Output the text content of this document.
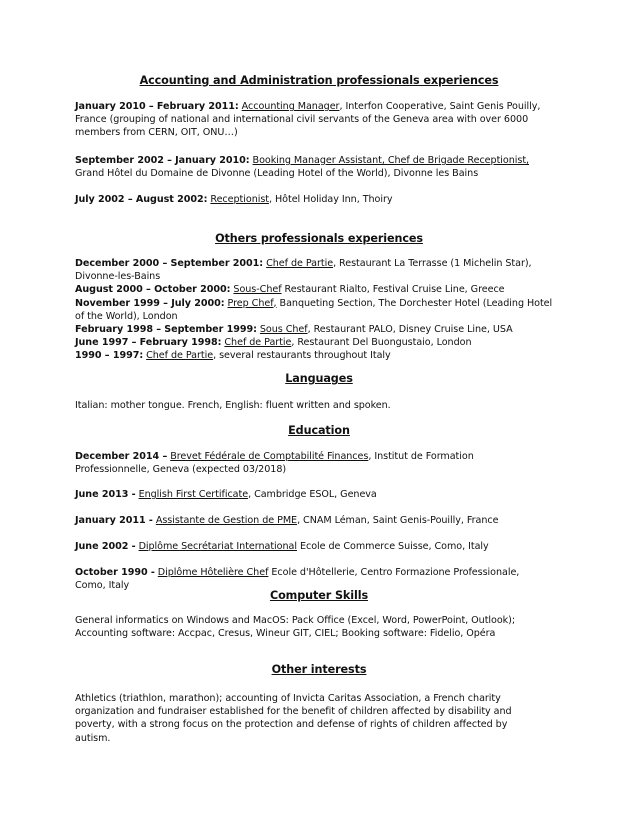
Accounting and Administration professionals experiences
January 2010 – February 2011: Accounting Manager, Interfon Cooperative, Saint Genis Pouilly,
France (grouping of national and international civil servants of the Geneva area with over 6000
members from CERN, OIT, ONU…)
September 2002 – January 2010: Booking Manager Assistant, Chef de Brigade Receptionist,
Grand Hôtel du Domaine de Divonne (Leading Hotel of the World), Divonne les Bains
July 2002 – August 2002: Receptionist, Hôtel Holiday Inn, Thoiry
Others professionals experiences
December 2000 – September 2001: Chef de Partie, Restaurant La Terrasse (1 Michelin Star),
Divonne-les-Bains
August 2000 – October 2000: Sous-Chef Restaurant Rialto, Festival Cruise Line, Greece
November 1999 – July 2000: Prep Chef, Banqueting Section, The Dorchester Hotel (Leading Hotel
of the World), London
February 1998 – September 1999: Sous Chef, Restaurant PALO, Disney Cruise Line, USA
June 1997 – February 1998: Chef de Partie, Restaurant Del Buongustaio, London
1990 – 1997: Chef de Partie, several restaurants throughout Italy
Languages
Italian: mother tongue. French, English: fluent written and spoken.
Education
December 2014 – Brevet Fédérale de Comptabilité Finances, Institut de Formation
Professionnelle, Geneva (expected 03/2018)
June 2013 - English First Certificate, Cambridge ESOL, Geneva
January 2011 - Assistante de Gestion de PME, CNAM Léman, Saint Genis-Pouilly, France
June 2002 - Diplôme Secrétariat International Ecole de Commerce Suisse, Como, Italy
October 1990 - Diplôme Hôtelière Chef Ecole d'Hôtellerie, Centro Formazione Professionale,
Como, Italy
Computer Skills
General informatics on Windows and MacOS: Pack Office (Excel, Word, PowerPoint, Outlook);
Accounting software: Accpac, Cresus, Wineur GIT, CIEL; Booking software: Fidelio, Opéra
Other interests
Athletics (triathlon, marathon); accounting of Invicta Caritas Association, a French charity
organization and fundraiser established for the benefit of children affected by disability and
poverty, with a strong focus on the protection and defense of rights of children affected by
autism.
